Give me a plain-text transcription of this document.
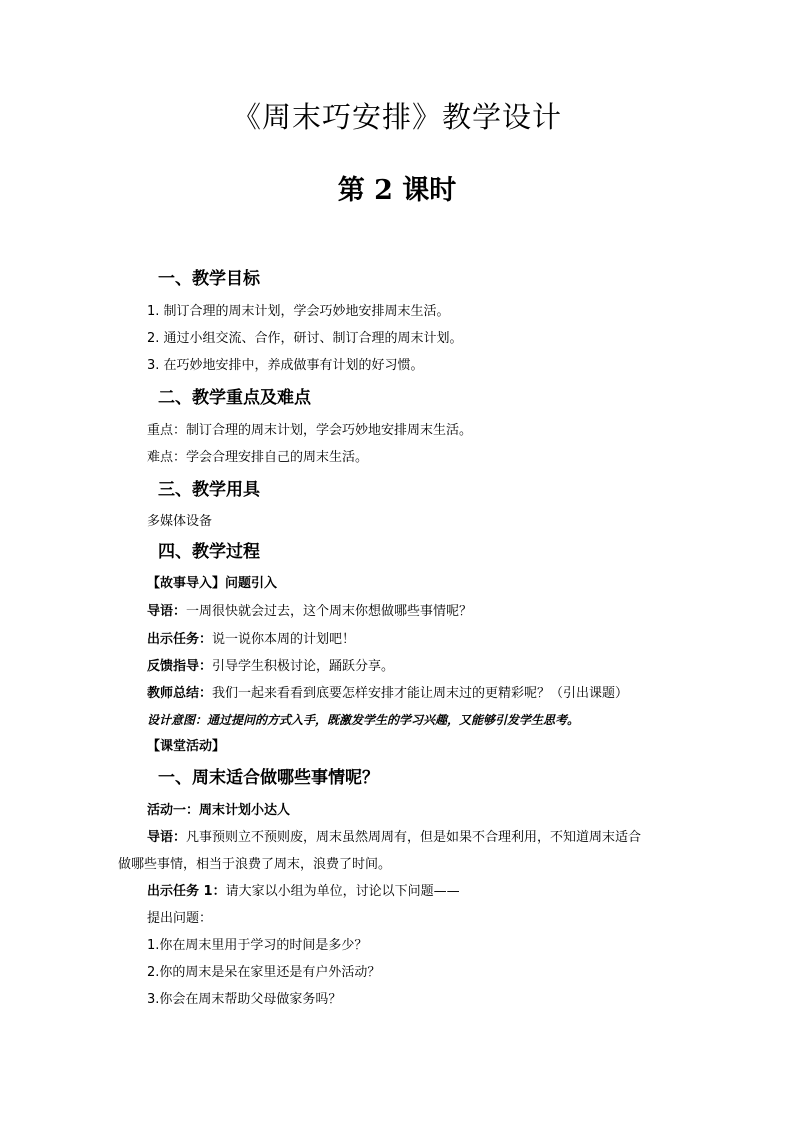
《周末巧安排》教学设计
第 2 课时
一、教学目标
1. 制订合理的周末计划，学会巧妙地安排周末生活。
2. 通过小组交流、合作，研讨、制订合理的周末计划。
3. 在巧妙地安排中，养成做事有计划的好习惯。
二、教学重点及难点
重点：制订合理的周末计划，学会巧妙地安排周末生活。
难点：学会合理安排自己的周末生活。
三、教学用具
多媒体设备
四、教学过程
【故事导入】问题引入
导语：一周很快就会过去，这个周末你想做哪些事情呢？
出示任务：说一说你本周的计划吧！
反馈指导：引导学生积极讨论，踊跃分享。
教师总结：我们一起来看看到底要怎样安排才能让周末过的更精彩呢？（引出课题）
设计意图：通过提问的方式入手，既激发学生的学习兴趣，又能够引发学生思考。
【课堂活动】
一、周末适合做哪些事情呢？
活动一：周末计划小达人
导语：凡事预则立不预则废，周末虽然周周有，但是如果不合理利用，不知道周末适合
做哪些事情，相当于浪费了周末，浪费了时间。
出示任务 1：请大家以小组为单位，讨论以下问题——
提出问题：
1.你在周末里用于学习的时间是多少？
2.你的周末是呆在家里还是有户外活动？
3.你会在周末帮助父母做家务吗？
